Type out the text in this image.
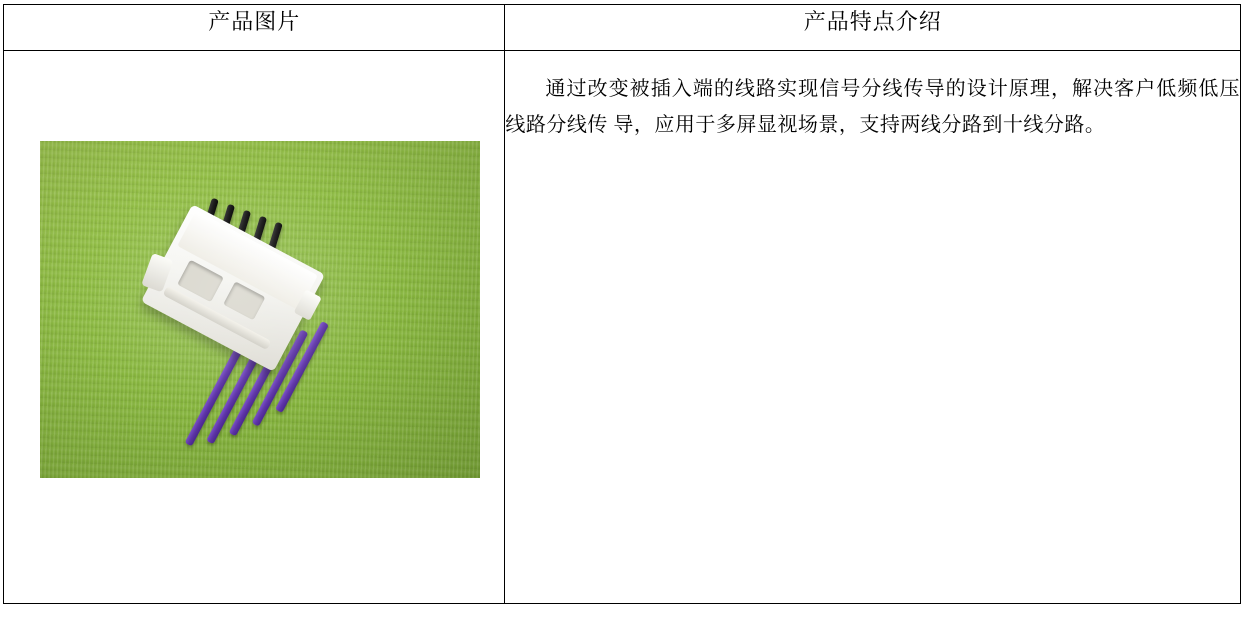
产品图片	产品特点介绍

	通过改变被插入端的线路实现信号分线传导的设计原理，解决客户低频低压线路分线传 导，应用于多屏显视场景，支持两线分路到十线分路。
